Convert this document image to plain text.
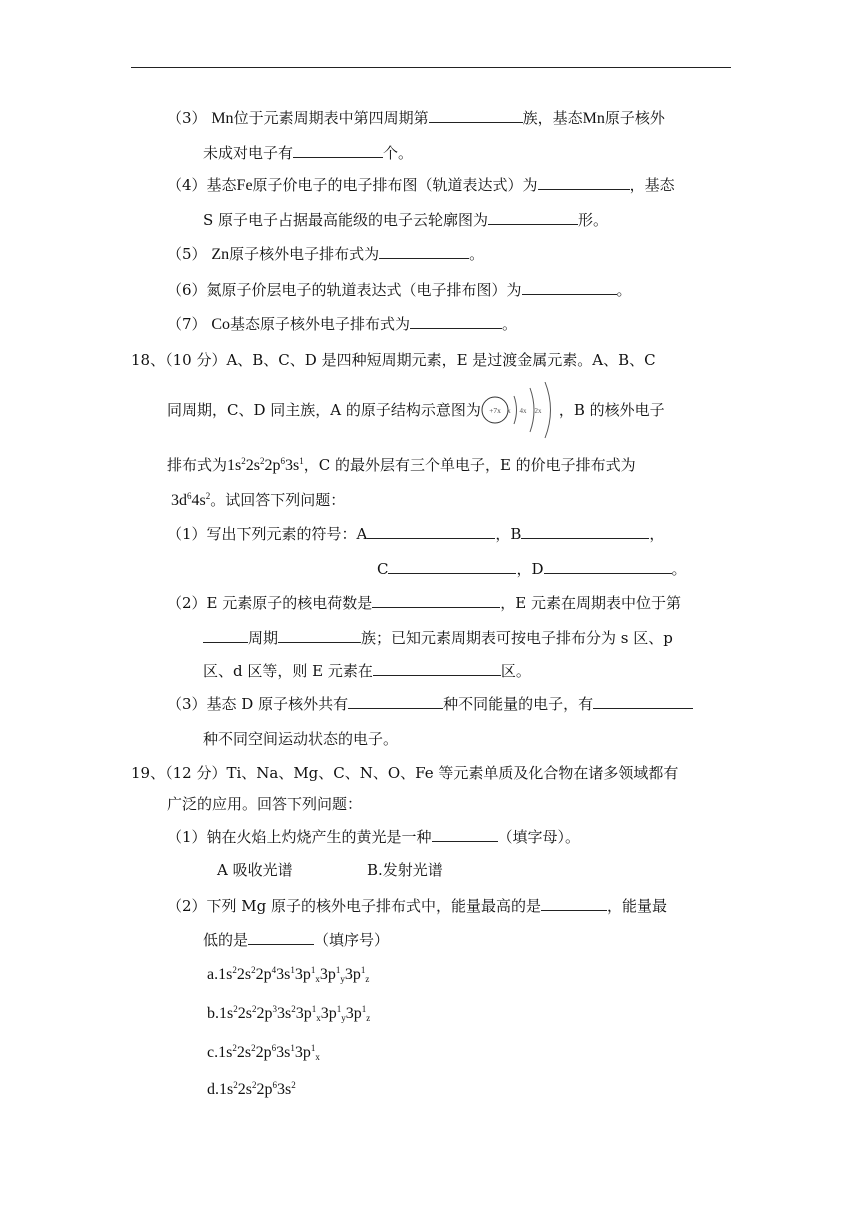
（3） Mn位于元素周期表中第四周期第	族，基态Mn原子核外
未成对电子有	个。
（4）基态Fe原子价电子的电子排布图（轨道表达式）为	，基态
S 原子电子占据最高能级的电子云轮廓图为	形。
（5） Zn原子核外电子排布式为	。
（6）氮原子价层电子的轨道表达式（电子排布图）为	。
（7） Co基态原子核外电子排布式为	。
18、（10 分）A、B、C、D 是四种短周期元素，E 是过渡金属元素。A、B、C
同周期，C、D 同主族，A 的原子结构示意图为 +7x x 4x 2x ，B 的核外电子
排布式为$1s^22s^22p^63s^1$，C 的最外层有三个单电子，E 的价电子排布式为
$3d^64s^2$。试回答下列问题：
（1）写出下列元素的符号：A	，B	，
C	，D	。
（2）E 元素原子的核电荷数是	，E 元素在周期表中位于第
周期	族；已知元素周期表可按电子排布分为 s 区、p
区、d 区等，则 E 元素在	区。
（3）基态 D 原子核外共有	种不同能量的电子，有
种不同空间运动状态的电子。
19、（12 分）Ti、Na、Mg、C、N、O、Fe 等元素单质及化合物在诸多领域都有
广泛的应用。回答下列问题：
（1）钠在火焰上灼烧产生的黄光是一种	（填字母）。
A 吸收光谱	B.发射光谱
（2）下列 Mg 原子的核外电子排布式中，能量最高的是	，能量最
低的是	（填序号）
$a.1s^22s^22p^43s^13p^1_x3p^1_y3p^1_z$
$b.1s^22s^22p^33s^23p^1_x3p^1_y3p^1_z$
$c.1s^22s^22p^63s^13p^1_x$
$d.1s^22s^22p^63s^2$
